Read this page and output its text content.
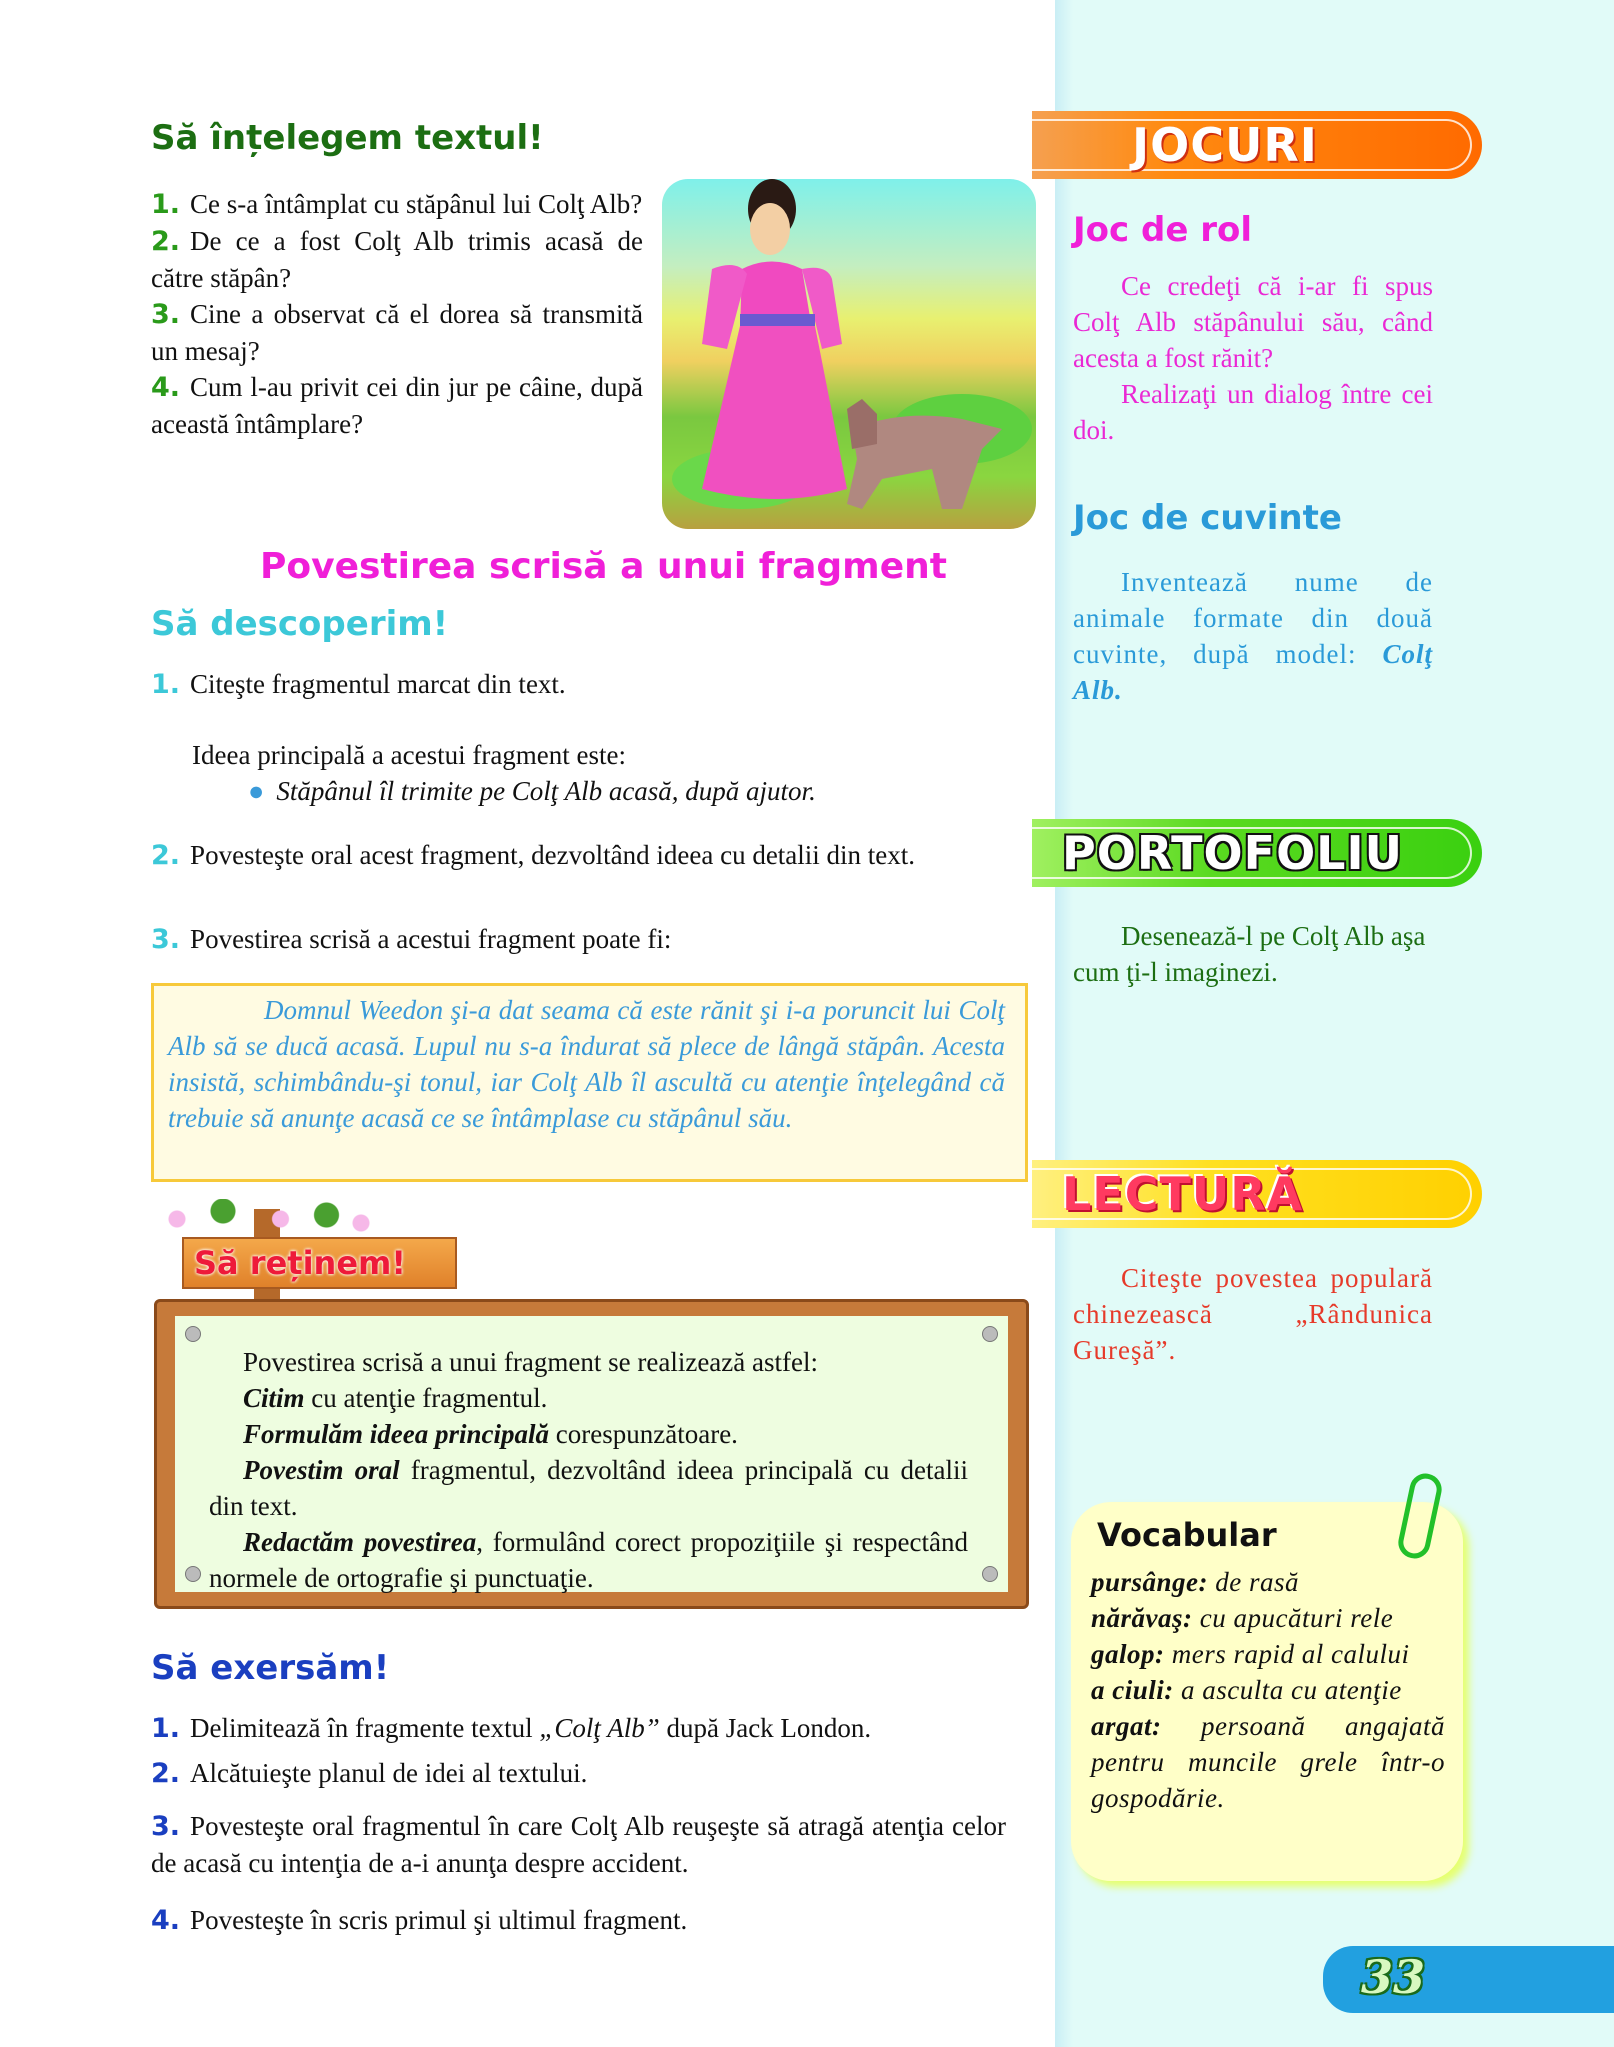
Să înțelegem textul!
1. Ce s-a întâmplat cu stăpânul lui Colţ Alb?
2. De ce a fost Colţ Alb trimis acasă de către stăpân?
3. Cine a observat că el dorea să transmită un mesaj?
4. Cum l-au privit cei din jur pe câine, după această întâmplare?
Povestirea scrisă a unui fragment
Să descoperim!
1. Citeşte fragmentul marcat din text.
Ideea principală a acestui fragment este:
● Stăpânul îl trimite pe Colţ Alb acasă, după ajutor.
2. Povesteşte oral acest fragment, dezvoltând ideea cu detalii din text.
3. Povestirea scrisă a acestui fragment poate fi:
Domnul Weedon şi-a dat seama că este rănit şi i-a poruncit lui Colţ Alb să se ducă acasă. Lupul nu s-a îndurat să plece de lângă stăpân. Acesta insistă, schimbându-şi tonul, iar Colţ Alb îl ascultă cu atenţie înţelegând că trebuie să anunţe acasă ce se întâmplase cu stăpânul său.
Să reținem!
Povestirea scrisă a unui fragment se realizează astfel:
Citim cu atenţie fragmentul.
Formulăm ideea principală corespunzătoare.
Povestim oral fragmentul, dezvoltând ideea principală cu detalii din text.
Redactăm povestirea, formulând corect propoziţiile şi respectând normele de ortografie şi punctuaţie.
Să exersăm!
1. Delimitează în fragmente textul „Colţ Alb” după Jack London.
2. Alcătuieşte planul de idei al textului.
3. Povesteşte oral fragmentul în care Colţ Alb reuşeşte să atragă atenţia celor de acasă cu intenţia de a-i anunţa despre accident.
4. Povesteşte în scris primul şi ultimul fragment.
JOCURI
Joc de rol
Ce credeţi că i-ar fi spus Colţ Alb stăpânului său, când acesta a fost rănit?
Realizaţi un dialog între cei doi.
Joc de cuvinte
Inventează nume de animale formate din două cuvinte, după model: Colţ Alb.
PORTOFOLIU
Desenează-l pe Colţ Alb aşa cum ţi-l imaginezi.
LECTURĂ
Citeşte povestea populară chinezească „Rândunica Gureşă”.
Vocabular
pursânge: de rasă
nărăvaş: cu apucături rele
galop: mers rapid al calului
a ciuli: a asculta cu atenţie
argat: persoană angajată pentru muncile grele într-o gospodărie.
33
